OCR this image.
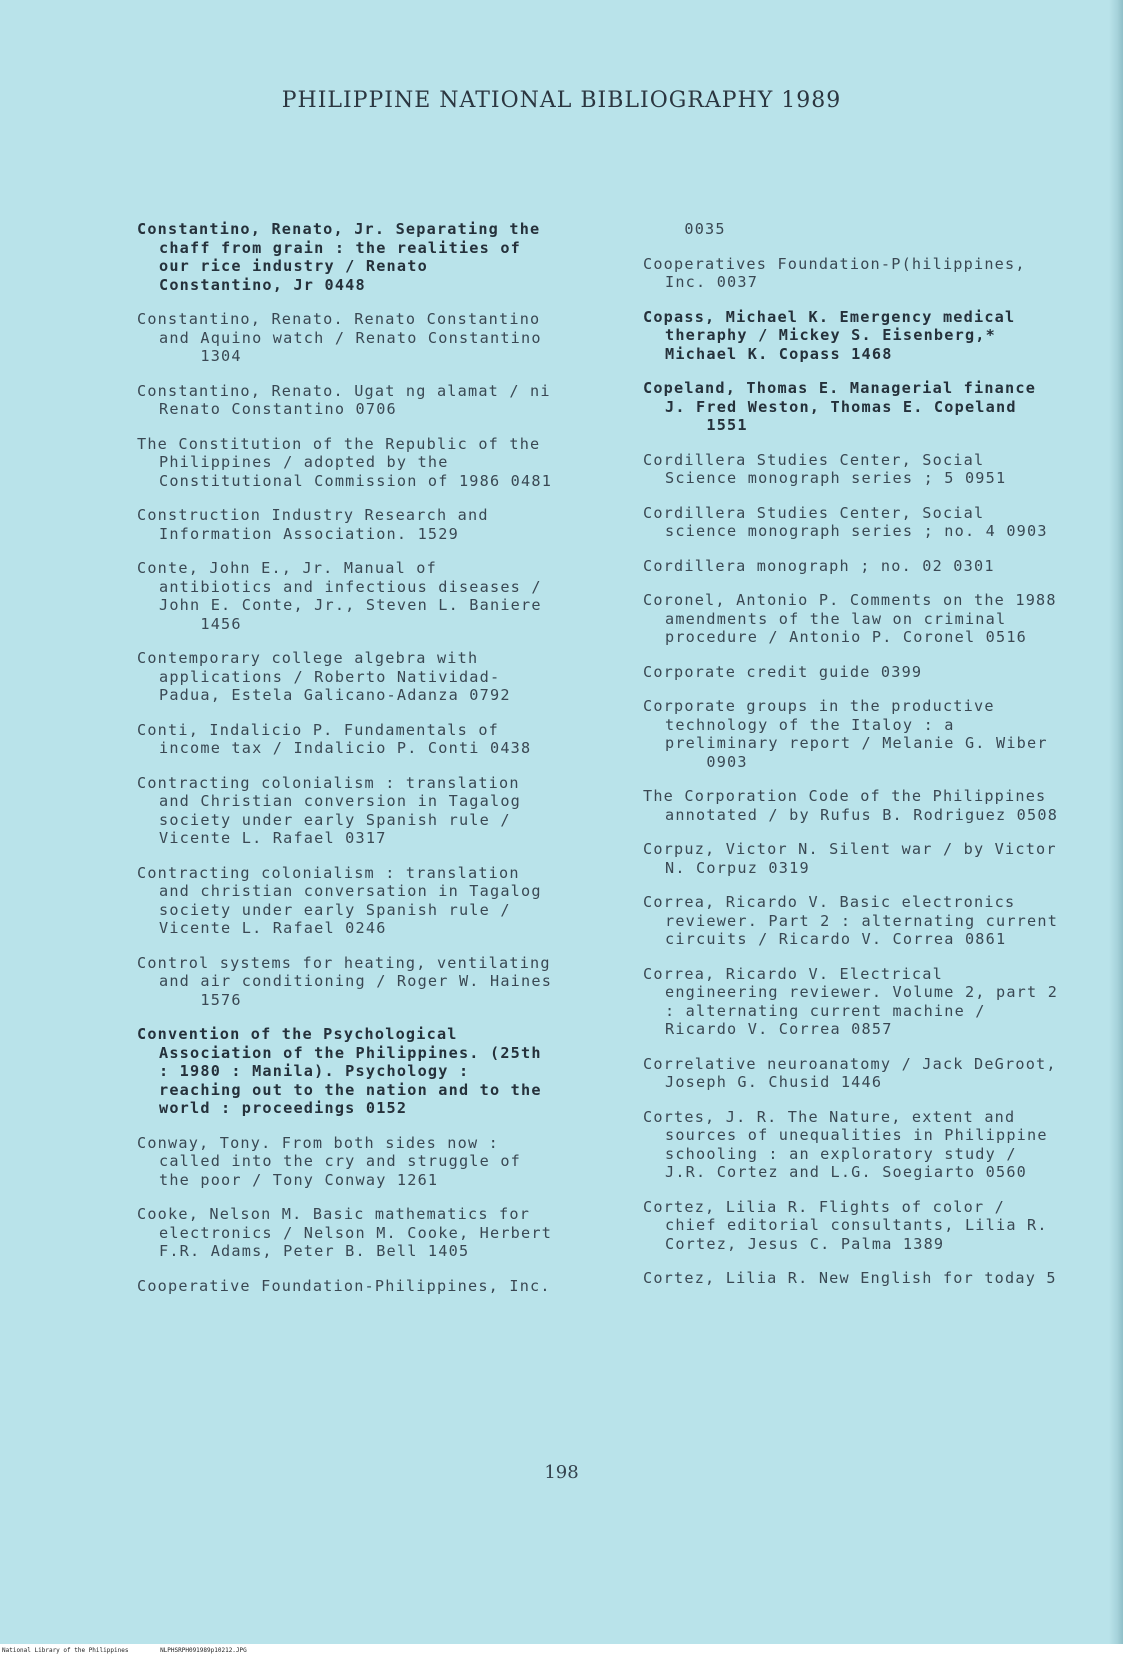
PHILIPPINE NATIONAL BIBLIOGRAPHY 1989
Constantino, Renato, Jr. Separating the
chaff from grain : the realities of
our rice industry / Renato
Constantino, Jr 0448
Constantino, Renato. Renato Constantino
and Aquino watch / Renato Constantino
1304
Constantino, Renato. Ugat ng alamat / ni
Renato Constantino 0706
The Constitution of the Republic of the
Philippines / adopted by the
Constitutional Commission of 1986 0481
Construction Industry Research and
Information Association. 1529
Conte, John E., Jr. Manual of
antibiotics and infectious diseases /
John E. Conte, Jr., Steven L. Baniere
1456
Contemporary college algebra with
applications / Roberto Natividad-
Padua, Estela Galicano-Adanza 0792
Conti, Indalicio P. Fundamentals of
income tax / Indalicio P. Conti 0438
Contracting colonialism : translation
and Christian conversion in Tagalog
society under early Spanish rule /
Vicente L. Rafael 0317
Contracting colonialism : translation
and christian conversation in Tagalog
society under early Spanish rule /
Vicente L. Rafael 0246
Control systems for heating, ventilating
and air conditioning / Roger W. Haines
1576
Convention of the Psychological
Association of the Philippines. (25th
: 1980 : Manila). Psychology :
reaching out to the nation and to the
world : proceedings 0152
Conway, Tony. From both sides now :
called into the cry and struggle of
the poor / Tony Conway 1261
Cooke, Nelson M. Basic mathematics for
electronics / Nelson M. Cooke, Herbert
F.R. Adams, Peter B. Bell 1405
Cooperative Foundation-Philippines, Inc.
0035
Cooperatives Foundation-P(hilippines,
Inc. 0037
Copass, Michael K. Emergency medical
theraphy / Mickey S. Eisenberg,*
Michael K. Copass 1468
Copeland, Thomas E. Managerial finance
J. Fred Weston, Thomas E. Copeland
1551
Cordillera Studies Center, Social
Science monograph series ; 5 0951
Cordillera Studies Center, Social
science monograph series ; no. 4 0903
Cordillera monograph ; no. 02 0301
Coronel, Antonio P. Comments on the 1988
amendments of the law on criminal
procedure / Antonio P. Coronel 0516
Corporate credit guide 0399
Corporate groups in the productive
technology of the Italoy : a
preliminary report / Melanie G. Wiber
0903
The Corporation Code of the Philippines
annotated / by Rufus B. Rodriguez 0508
Corpuz, Victor N. Silent war / by Victor
N. Corpuz 0319
Correa, Ricardo V. Basic electronics
reviewer. Part 2 : alternating current
circuits / Ricardo V. Correa 0861
Correa, Ricardo V. Electrical
engineering reviewer. Volume 2, part 2
: alternating current machine /
Ricardo V. Correa 0857
Correlative neuroanatomy / Jack DeGroot,
Joseph G. Chusid 1446
Cortes, J. R. The Nature, extent and
sources of unequalities in Philippine
schooling : an exploratory study /
J.R. Cortez and L.G. Soegiarto 0560
Cortez, Lilia R. Flights of color /
chief editorial consultants, Lilia R.
Cortez, Jesus C. Palma 1389
Cortez, Lilia R. New English for today 5
198
National Library of the Philippines	NLPHSRPH091989p10212.JPG
